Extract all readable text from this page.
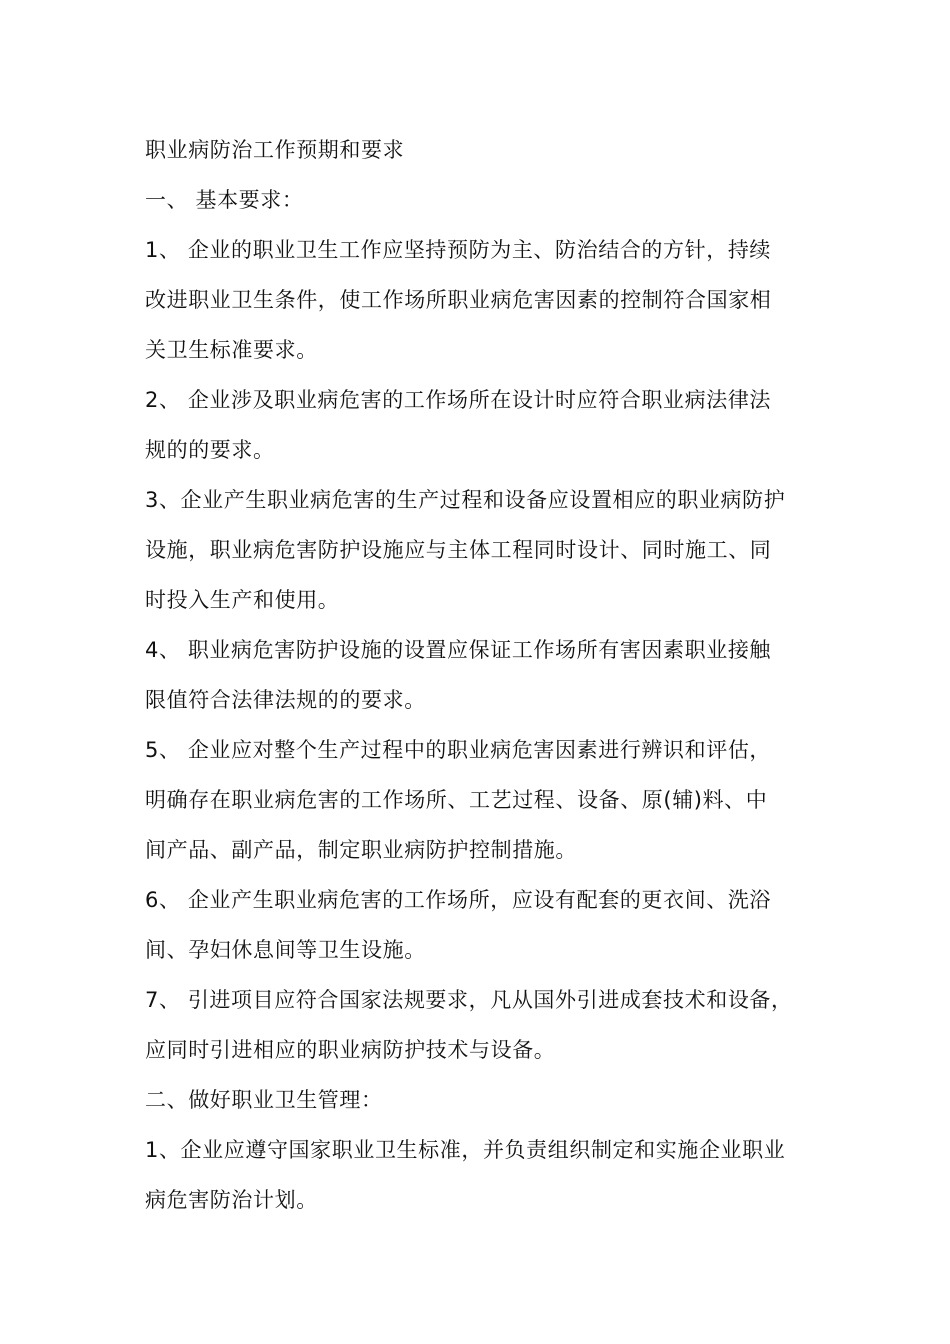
职业病防治工作预期和要求
一、 基本要求：
1、 企业的职业卫生工作应坚持预防为主、防治结合的方针，持续
改进职业卫生条件，使工作场所职业病危害因素的控制符合国家相
关卫生标准要求。
2、 企业涉及职业病危害的工作场所在设计时应符合职业病法律法
规的的要求。
3、企业产生职业病危害的生产过程和设备应设置相应的职业病防护
设施，职业病危害防护设施应与主体工程同时设计、同时施工、同
时投入生产和使用。
4、 职业病危害防护设施的设置应保证工作场所有害因素职业接触
限值符合法律法规的的要求。
5、 企业应对整个生产过程中的职业病危害因素进行辨识和评估，
明确存在职业病危害的工作场所、工艺过程、设备、原(辅)料、中
间产品、副产品，制定职业病防护控制措施。
6、 企业产生职业病危害的工作场所，应设有配套的更衣间、洗浴
间、孕妇休息间等卫生设施。
7、 引进项目应符合国家法规要求，凡从国外引进成套技术和设备，
应同时引进相应的职业病防护技术与设备。
二、做好职业卫生管理：
1、企业应遵守国家职业卫生标准，并负责组织制定和实施企业职业
病危害防治计划。
